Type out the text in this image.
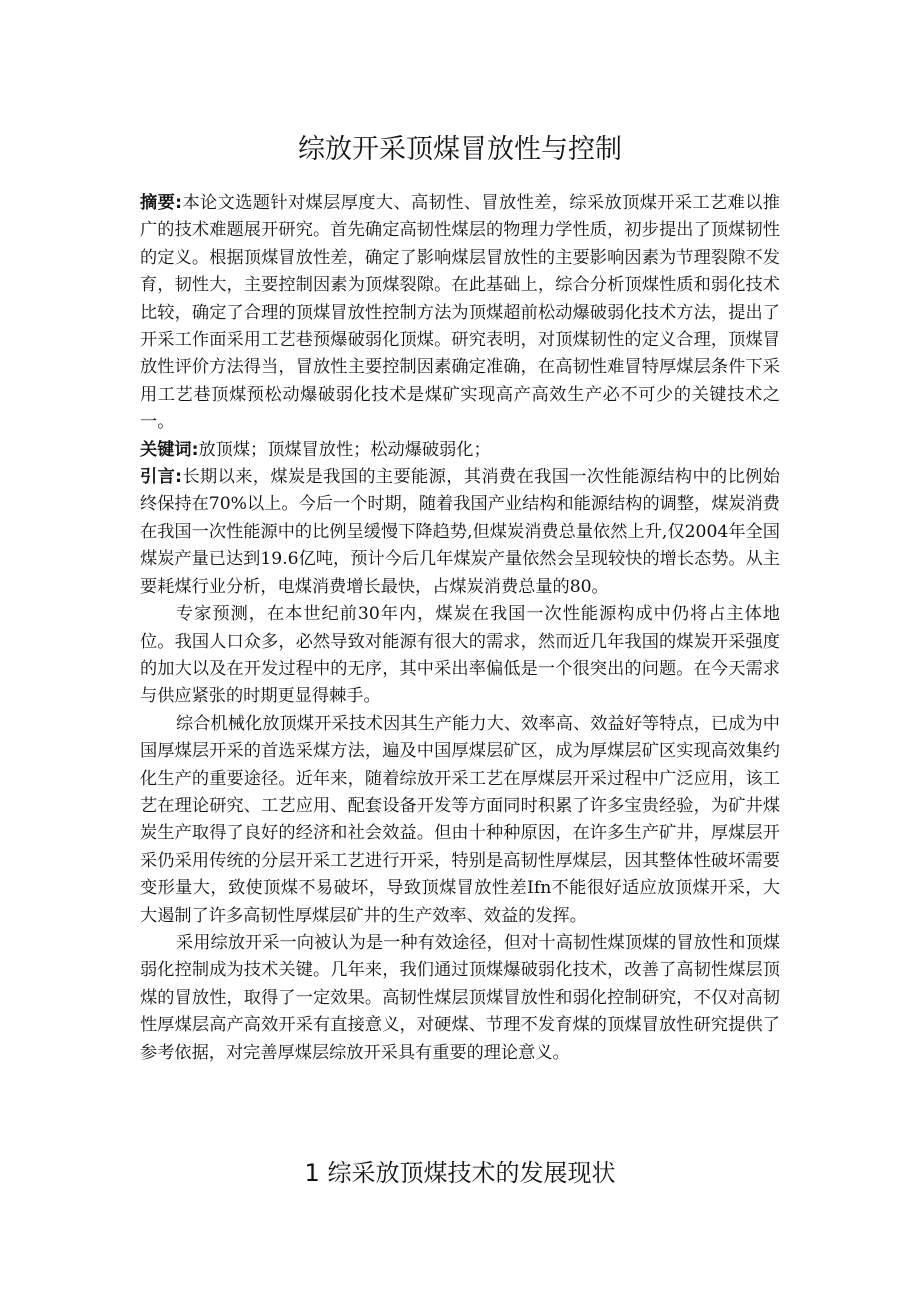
综放开采顶煤冒放性与控制

摘要:本论文选题针对煤层厚度大、高韧性、冒放性差，综采放顶煤开采工艺难以推广的技术难题展开研究。首先确定高韧性煤层的物理力学性质，初步提出了顶煤韧性的定义。根据顶煤冒放性差，确定了影响煤层冒放性的主要影响因素为节理裂隙不发育，韧性大，主要控制因素为顶煤裂隙。在此基础上，综合分析顶煤性质和弱化技术比较，确定了合理的顶煤冒放性控制方法为顶煤超前松动爆破弱化技术方法，提出了开采工作面采用工艺巷预爆破弱化顶煤。研究表明，对顶煤韧性的定义合理，顶煤冒放性评价方法得当，冒放性主要控制因素确定准确，在高韧性难冒特厚煤层条件下采用工艺巷顶煤预松动爆破弱化技术是煤矿实现高产高效生产必不可少的关键技术之一。

关键词:放顶煤；顶煤冒放性；松动爆破弱化；

引言:长期以来，煤炭是我国的主要能源，其消费在我国一次性能源结构中的比例始终保持在70%以上。今后一个时期，随着我国产业结构和能源结构的调整，煤炭消费在我国一次性能源中的比例呈缓慢下降趋势,但煤炭消费总量依然上升,仅2004年全国煤炭产量已达到19.6亿吨，预计今后几年煤炭产量依然会呈现较快的增长态势。从主要耗煤行业分析，电煤消费增长最快，占煤炭消费总量的80。

专家预测，在本世纪前30年内，煤炭在我国一次性能源构成中仍将占主体地位。我国人口众多，必然导致对能源有很大的需求，然而近几年我国的煤炭开采强度的加大以及在开发过程中的无序，其中采出率偏低是一个很突出的问题。在今天需求与供应紧张的时期更显得棘手。

综合机械化放顶煤开采技术因其生产能力大、效率高、效益好等特点，已成为中国厚煤层开采的首选采煤方法，遍及中国厚煤层矿区，成为厚煤层矿区实现高效集约化生产的重要途径。近年来，随着综放开采工艺在厚煤层开采过程中广泛应用，该工艺在理论研究、工艺应用、配套设备开发等方面同时积累了许多宝贵经验，为矿井煤炭生产取得了良好的经济和社会效益。但由十种种原因，在许多生产矿井，厚煤层开采仍采用传统的分层开采工艺进行开采，特别是高韧性厚煤层，因其整体性破坏需要变形量大，致使顶煤不易破坏，导致顶煤冒放性差Ifn不能很好适应放顶煤开采，大大遏制了许多高韧性厚煤层矿井的生产效率、效益的发挥。

采用综放开采一向被认为是一种有效途径，但对十高韧性煤顶煤的冒放性和顶煤弱化控制成为技术关键。几年来，我们通过顶煤爆破弱化技术，改善了高韧性煤层顶煤的冒放性，取得了一定效果。高韧性煤层顶煤冒放性和弱化控制研究，不仅对高韧性厚煤层高产高效开采有直接意义，对硬煤、节理不发育煤的顶煤冒放性研究提供了参考依据，对完善厚煤层综放开采具有重要的理论意义。

1 综采放顶煤技术的发展现状
